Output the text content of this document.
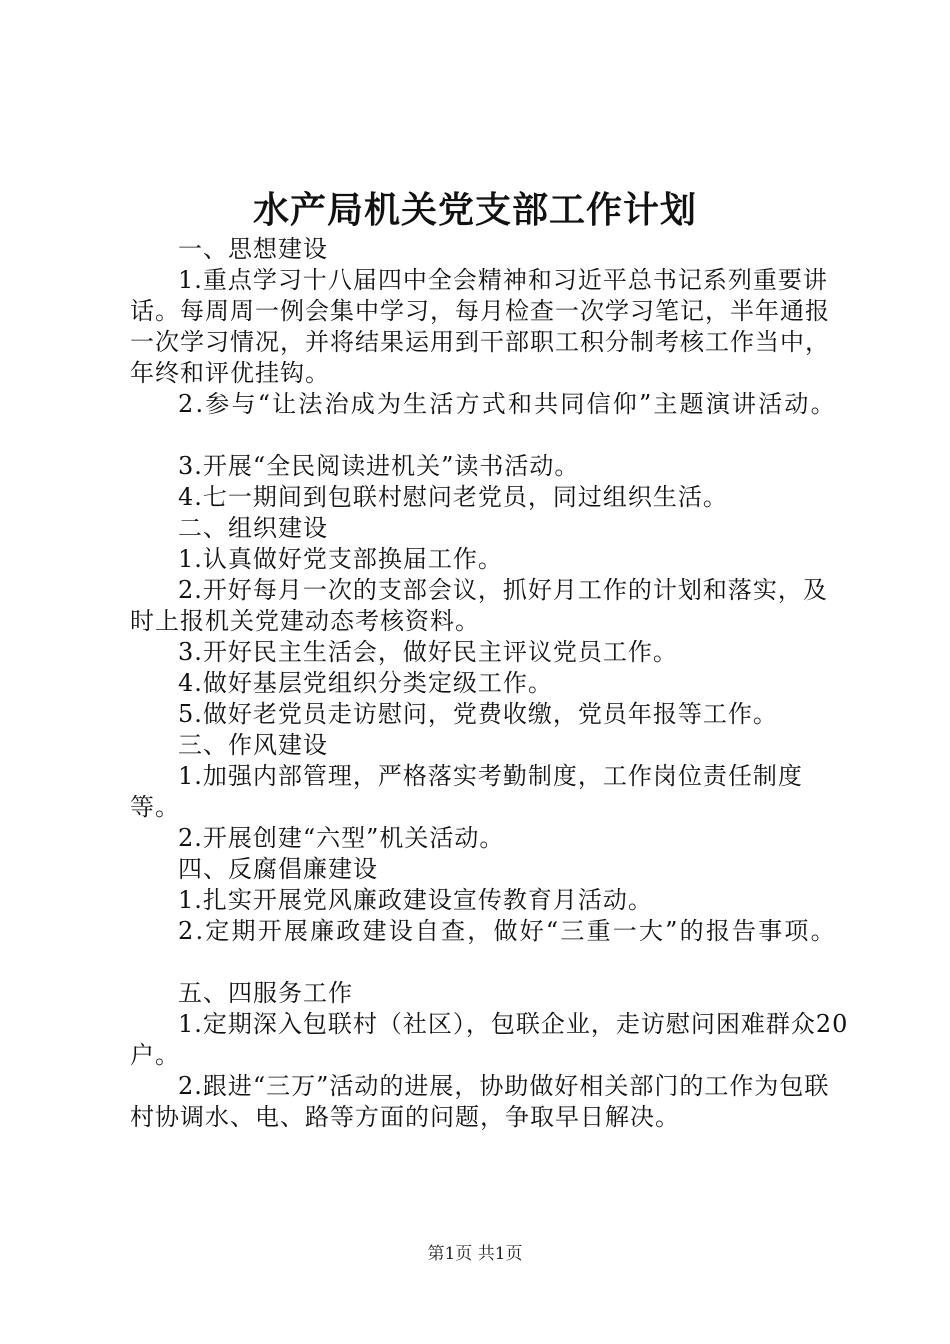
水产局机关党支部工作计划

一、思想建设

1.重点学习十八届四中全会精神和习近平总书记系列重要讲话。每周周一例会集中学习，每月检查一次学习笔记，半年通报一次学习情况，并将结果运用到干部职工积分制考核工作当中，年终和评优挂钩。

2.参与“让法治成为生活方式和共同信仰”主题演讲活动。

3.开展“全民阅读进机关”读书活动。

4.七一期间到包联村慰问老党员，同过组织生活。

二、组织建设

1.认真做好党支部换届工作。

2.开好每月一次的支部会议，抓好月工作的计划和落实，及时上报机关党建动态考核资料。

3.开好民主生活会，做好民主评议党员工作。

4.做好基层党组织分类定级工作。

5.做好老党员走访慰问，党费收缴，党员年报等工作。

三、作风建设

1.加强内部管理，严格落实考勤制度，工作岗位责任制度等。

2.开展创建“六型”机关活动。

四、反腐倡廉建设

1.扎实开展党风廉政建设宣传教育月活动。

2.定期开展廉政建设自查，做好“三重一大”的报告事项。

五、四服务工作

1.定期深入包联村（社区），包联企业，走访慰问困难群众20户。

2.跟进“三万”活动的进展，协助做好相关部门的工作为包联村协调水、电、路等方面的问题，争取早日解决。

第1页 共1页
